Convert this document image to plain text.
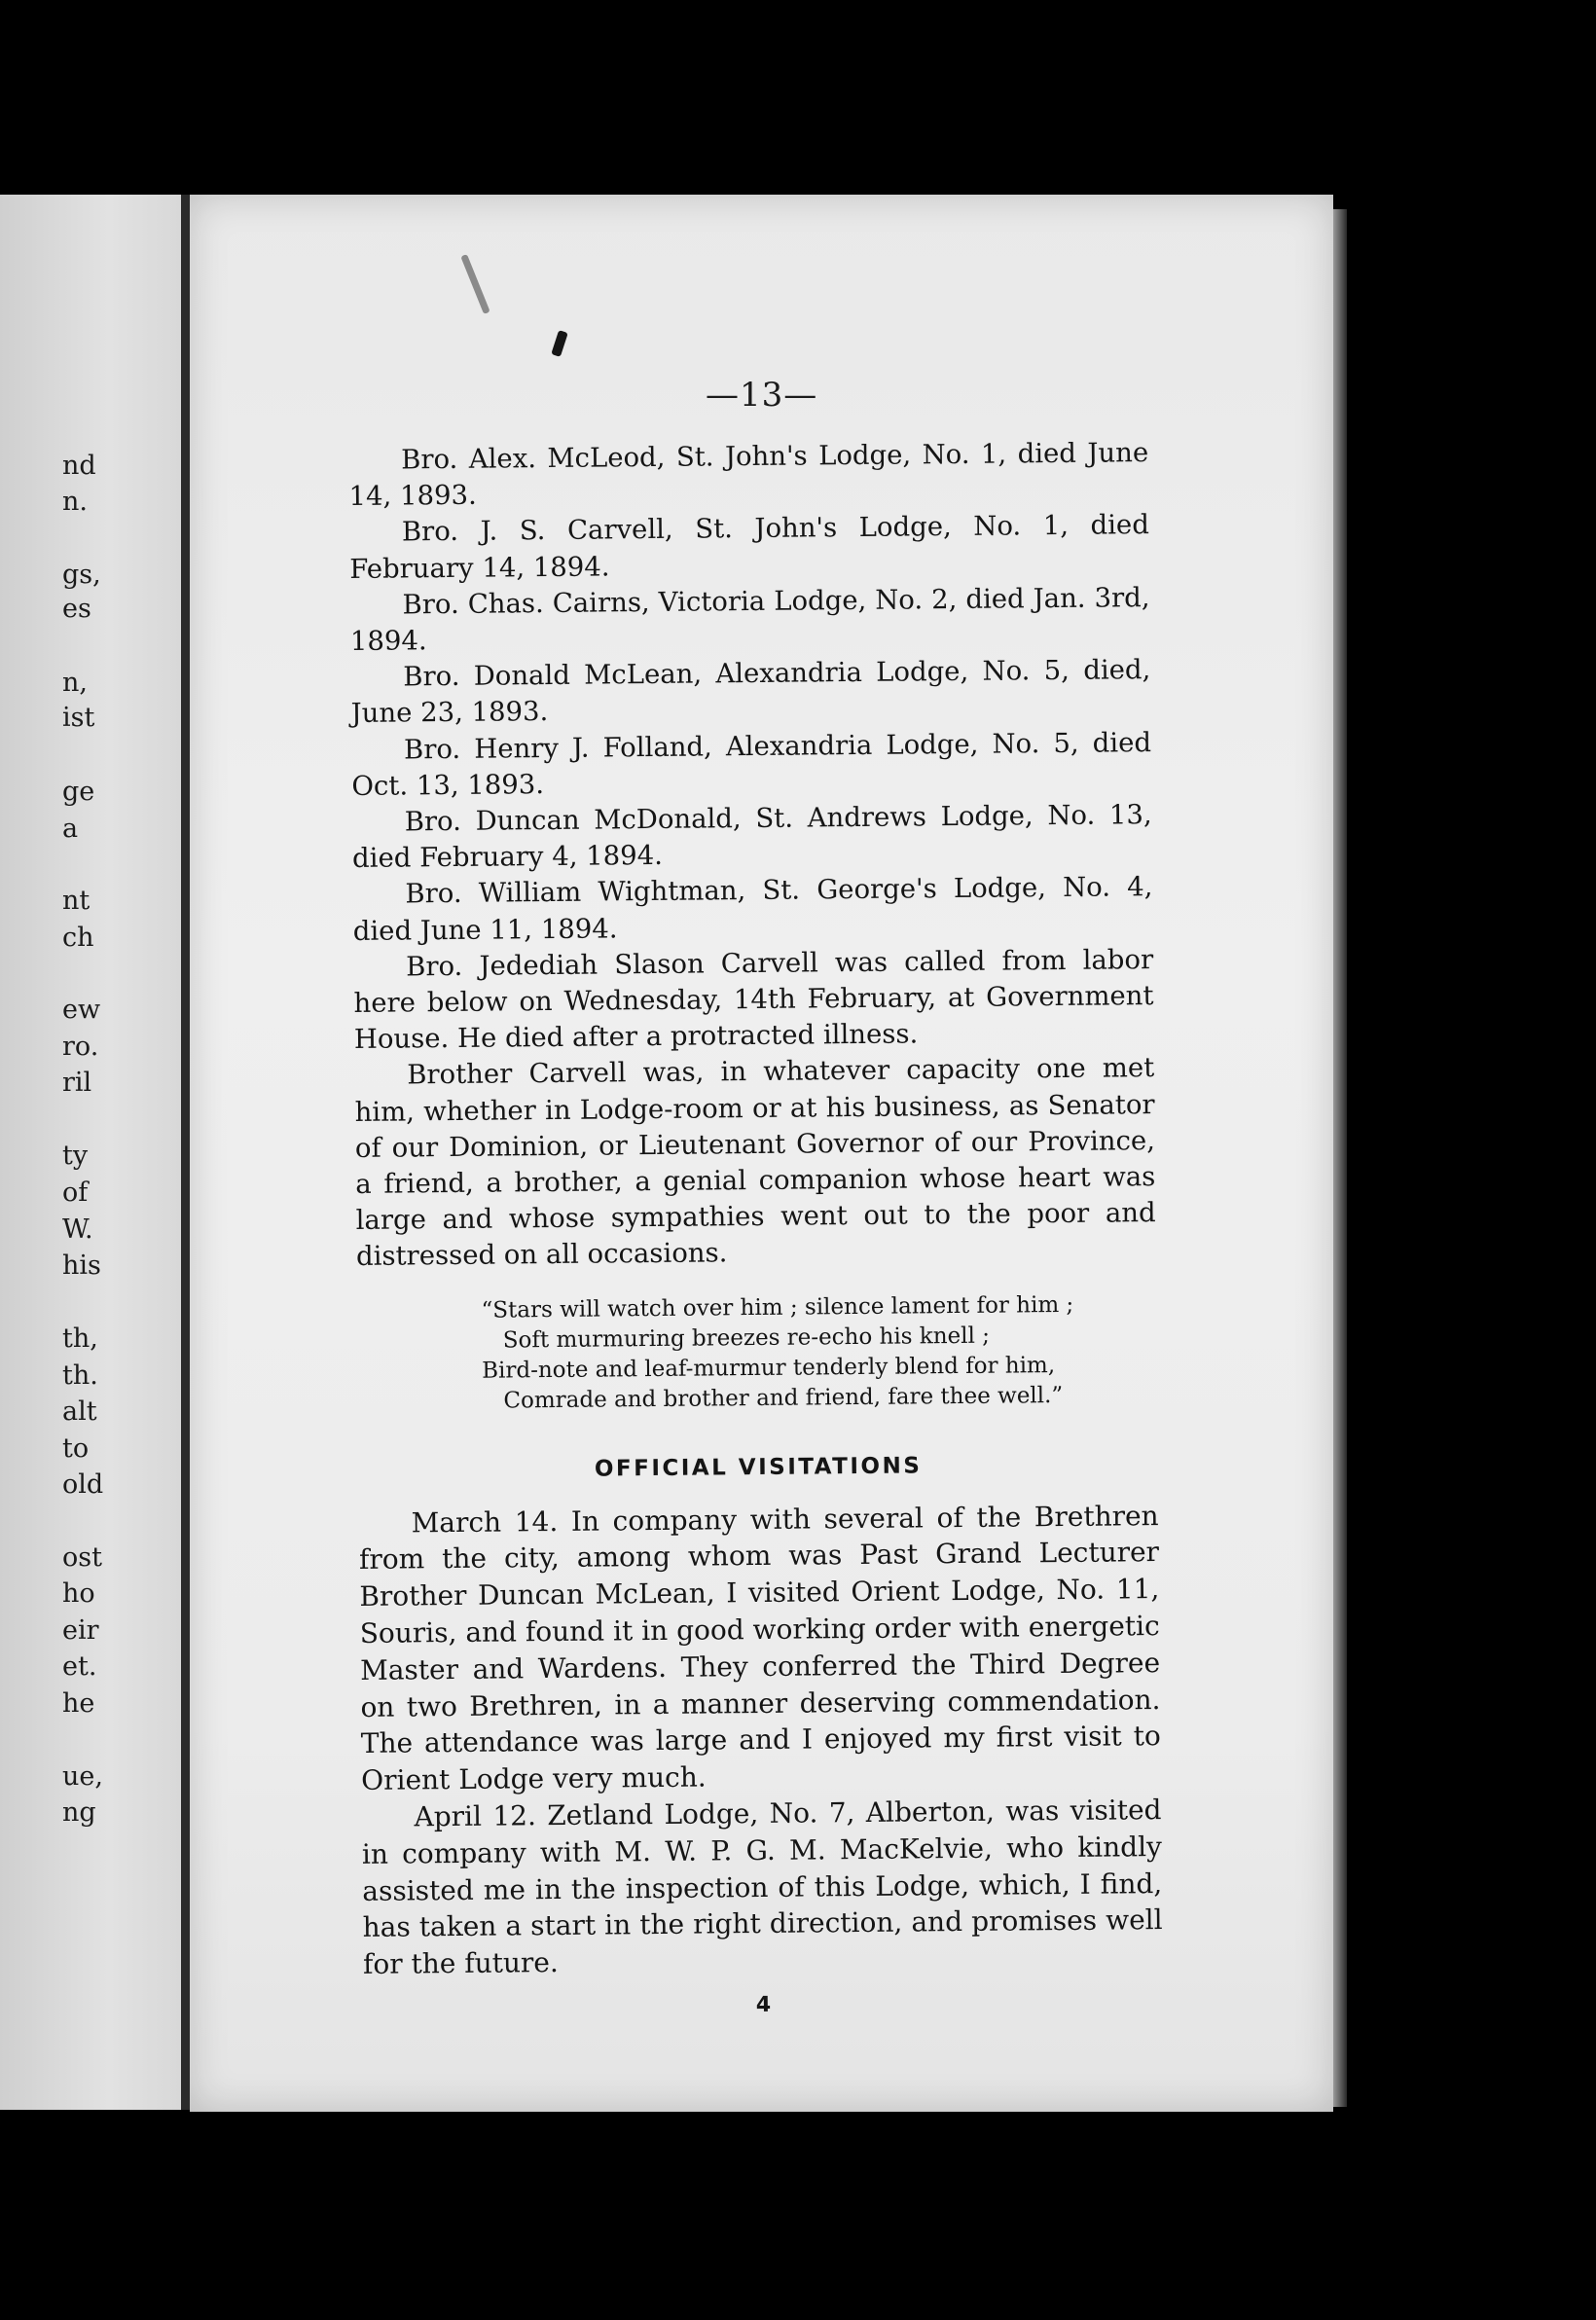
nd
n.
gs,
es
n,
ist
ge
a
nt
ch
ew
ro.
ril
ty
of
W.
his
th,
th.
alt
to
old
ost
ho
eir
et.
he
ue,
ng
—13—

Bro. Alex. McLeod, St. John's Lodge, No. 1, died June 14, 1893.

Bro. J. S. Carvell, St. John's Lodge, No. 1, died February 14, 1894.

Bro. Chas. Cairns, Victoria Lodge, No. 2, died Jan. 3rd, 1894.

Bro. Donald McLean, Alexandria Lodge, No. 5, died, June 23, 1893.

Bro. Henry J. Folland, Alexandria Lodge, No. 5, died Oct. 13, 1893.

Bro. Duncan McDonald, St. Andrews Lodge, No. 13, died February 4, 1894.

Bro. William Wightman, St. George's Lodge, No. 4, died June 11, 1894.

Bro. Jedediah Slason Carvell was called from labor here below on Wednesday, 14th February, at Government House. He died after a protracted illness.

Brother Carvell was, in whatever capacity one met him, whether in Lodge-room or at his business, as Senator of our Dominion, or Lieutenant Governor of our Province, a friend, a brother, a genial companion whose heart was large and whose sympathies went out to the poor and distressed on all occasions.

“Stars will watch over him ; silence lament for him ;
Soft murmuring breezes re-echo his knell ;
Bird-note and leaf-murmur tenderly blend for him,
Comrade and brother and friend, fare thee well.”
OFFICIAL VISITATIONS

March 14. In company with several of the Brethren from the city, among whom was Past Grand Lecturer Brother Duncan McLean, I visited Orient Lodge, No. 11, Souris, and found it in good working order with energetic Master and Wardens. They conferred the Third Degree on two Brethren, in a manner deserving commendation. The attendance was large and I enjoyed my first visit to Orient Lodge very much.

April 12. Zetland Lodge, No. 7, Alberton, was visited in company with M. W. P. G. M. MacKelvie, who kindly assisted me in the inspection of this Lodge, which, I find, has taken a start in the right direction, and promises well for the future.

4
